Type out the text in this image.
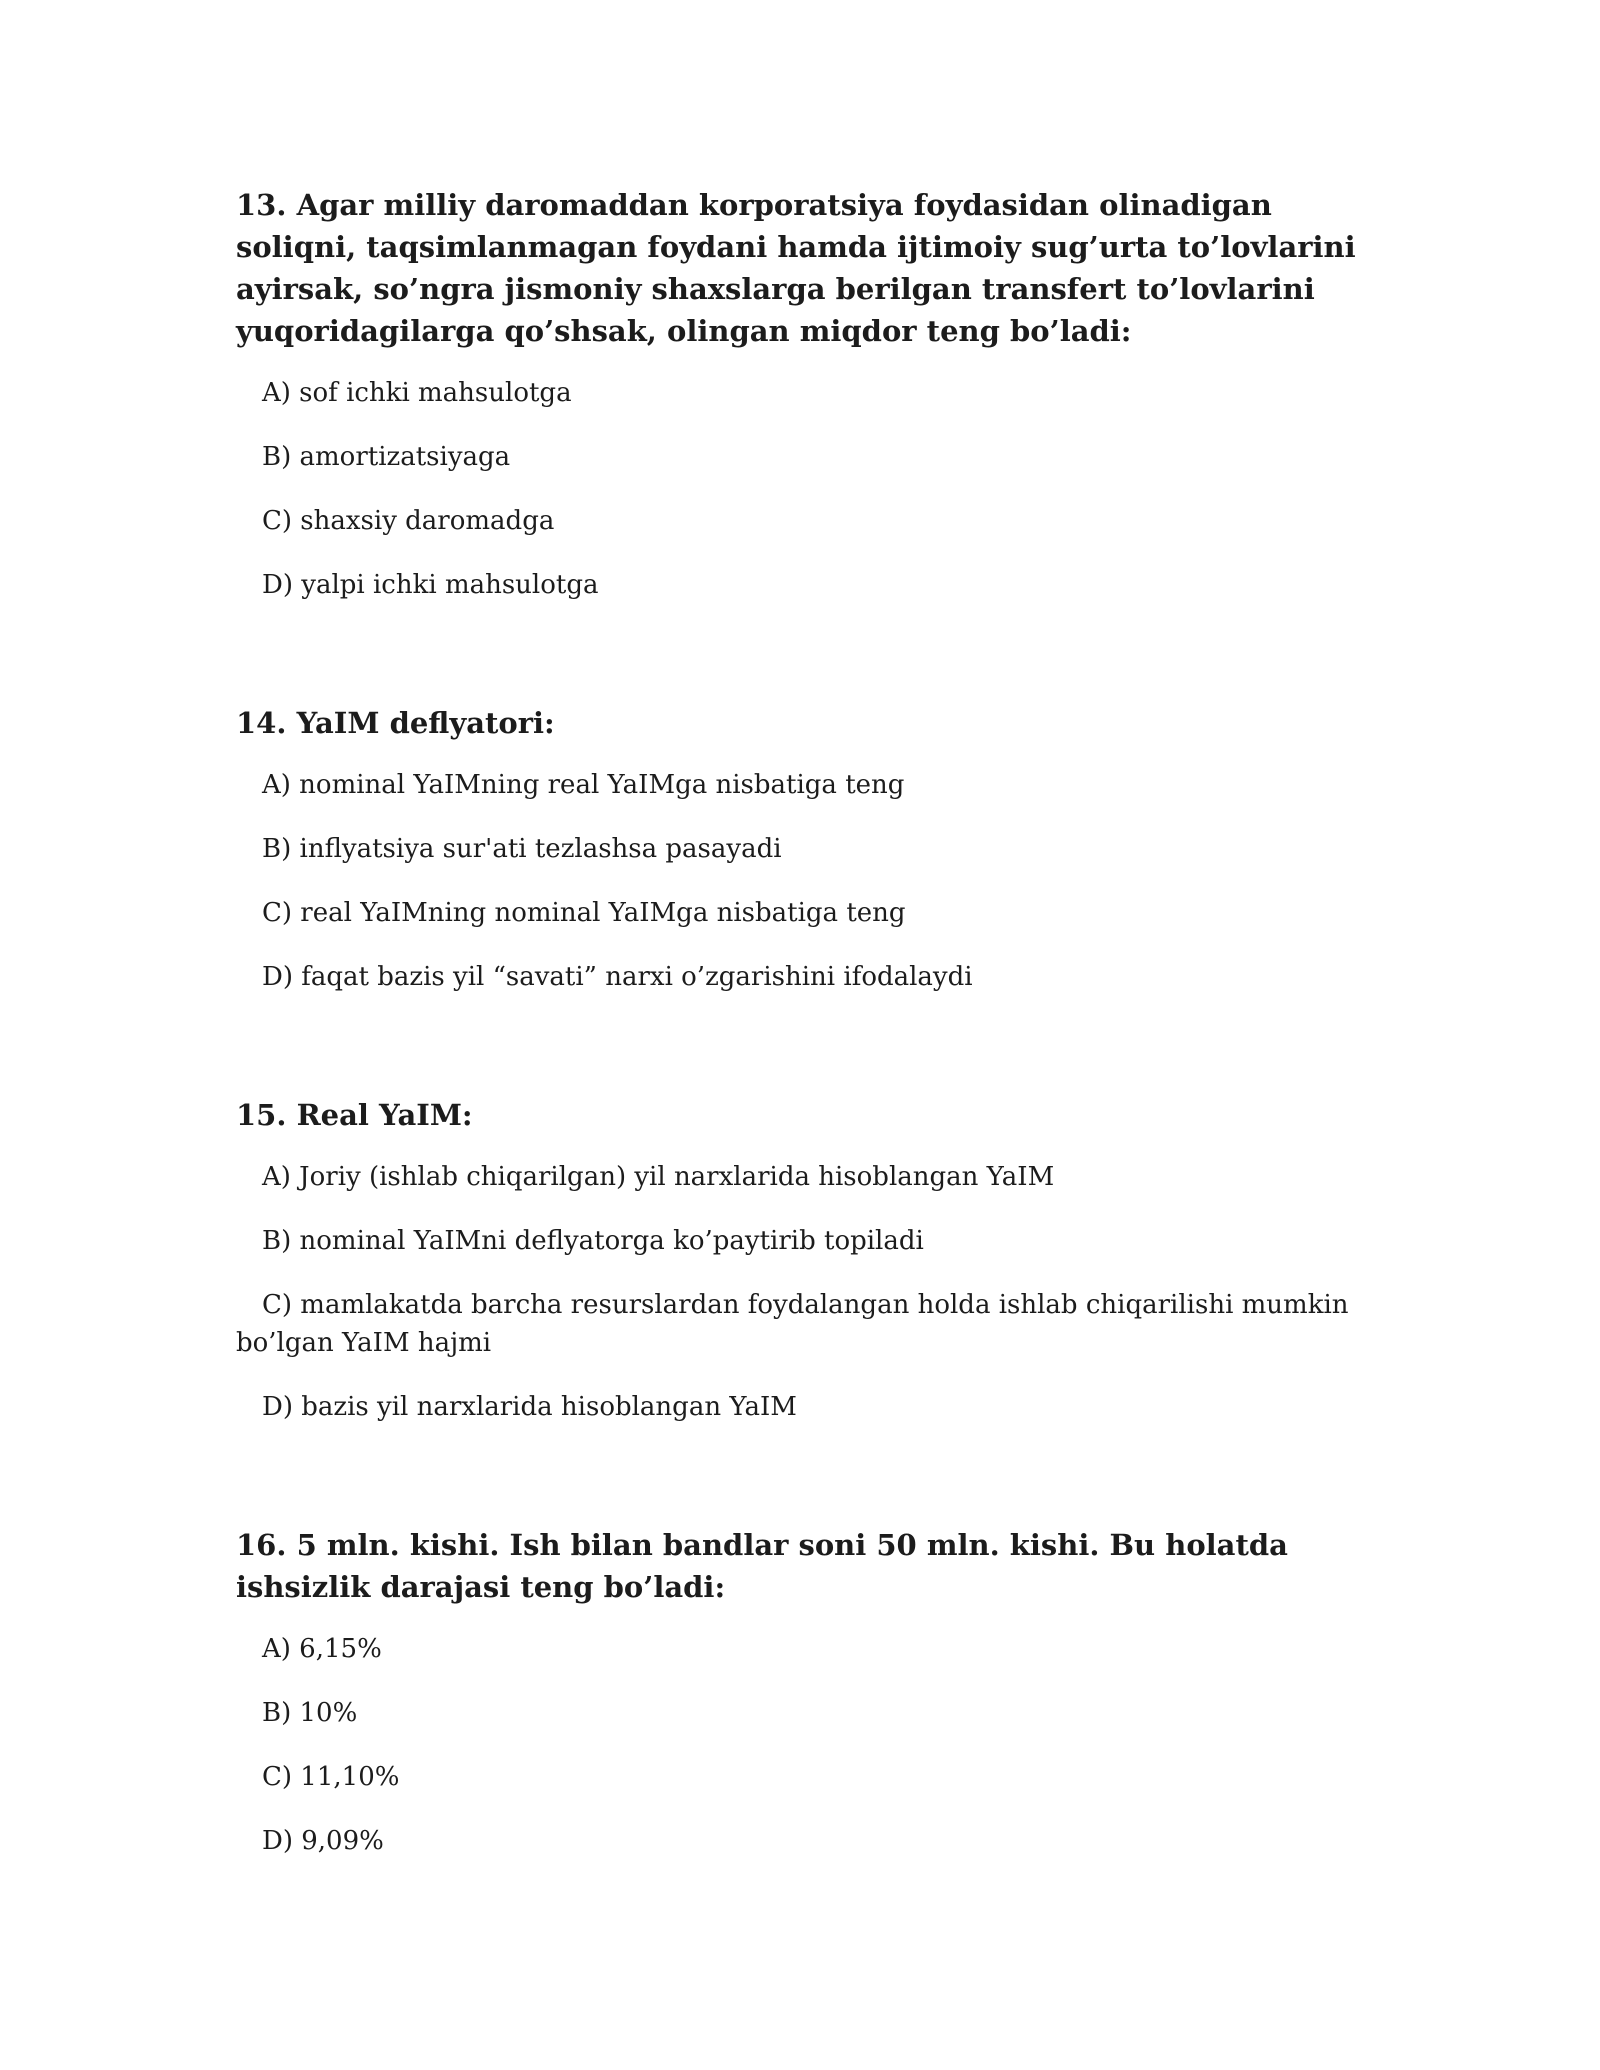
13. Agar milliy daromaddan korporatsiya foydasidan olinadigan soliqni, taqsimlanmagan foydani hamda ijtimoiy sug’urta to’lovlarini ayirsak, so’ngra jismoniy shaxslarga berilgan transfert to’lovlarini yuqoridagilarga qo’shsak, olingan miqdor teng bo’ladi:

A) sof ichki mahsulotga

B) amortizatsiyaga

C) shaxsiy daromadga

D) yalpi ichki mahsulotga

14. YaIM deflyatori:

A) nominal YaIMning real YaIMga nisbatiga teng

B) inflyatsiya sur'ati tezlashsa pasayadi

C) real YaIMning nominal YaIMga nisbatiga teng

D) faqat bazis yil “savati” narxi o’zgarishini ifodalaydi

15. Real YaIM:

A) Joriy (ishlab chiqarilgan) yil narxlarida hisoblangan YaIM

B) nominal YaIMni deflyatorga ko’paytirib topiladi

C) mamlakatda barcha resurslardan foydalangan holda ishlab chiqarilishi mumkin bo’lgan YaIM hajmi

D) bazis yil narxlarida hisoblangan YaIM

16. 5 mln. kishi. Ish bilan bandlar soni 50 mln. kishi. Bu holatda ishsizlik darajasi teng bo’ladi:

A) 6,15%

B) 10%

C) 11,10%

D) 9,09%
